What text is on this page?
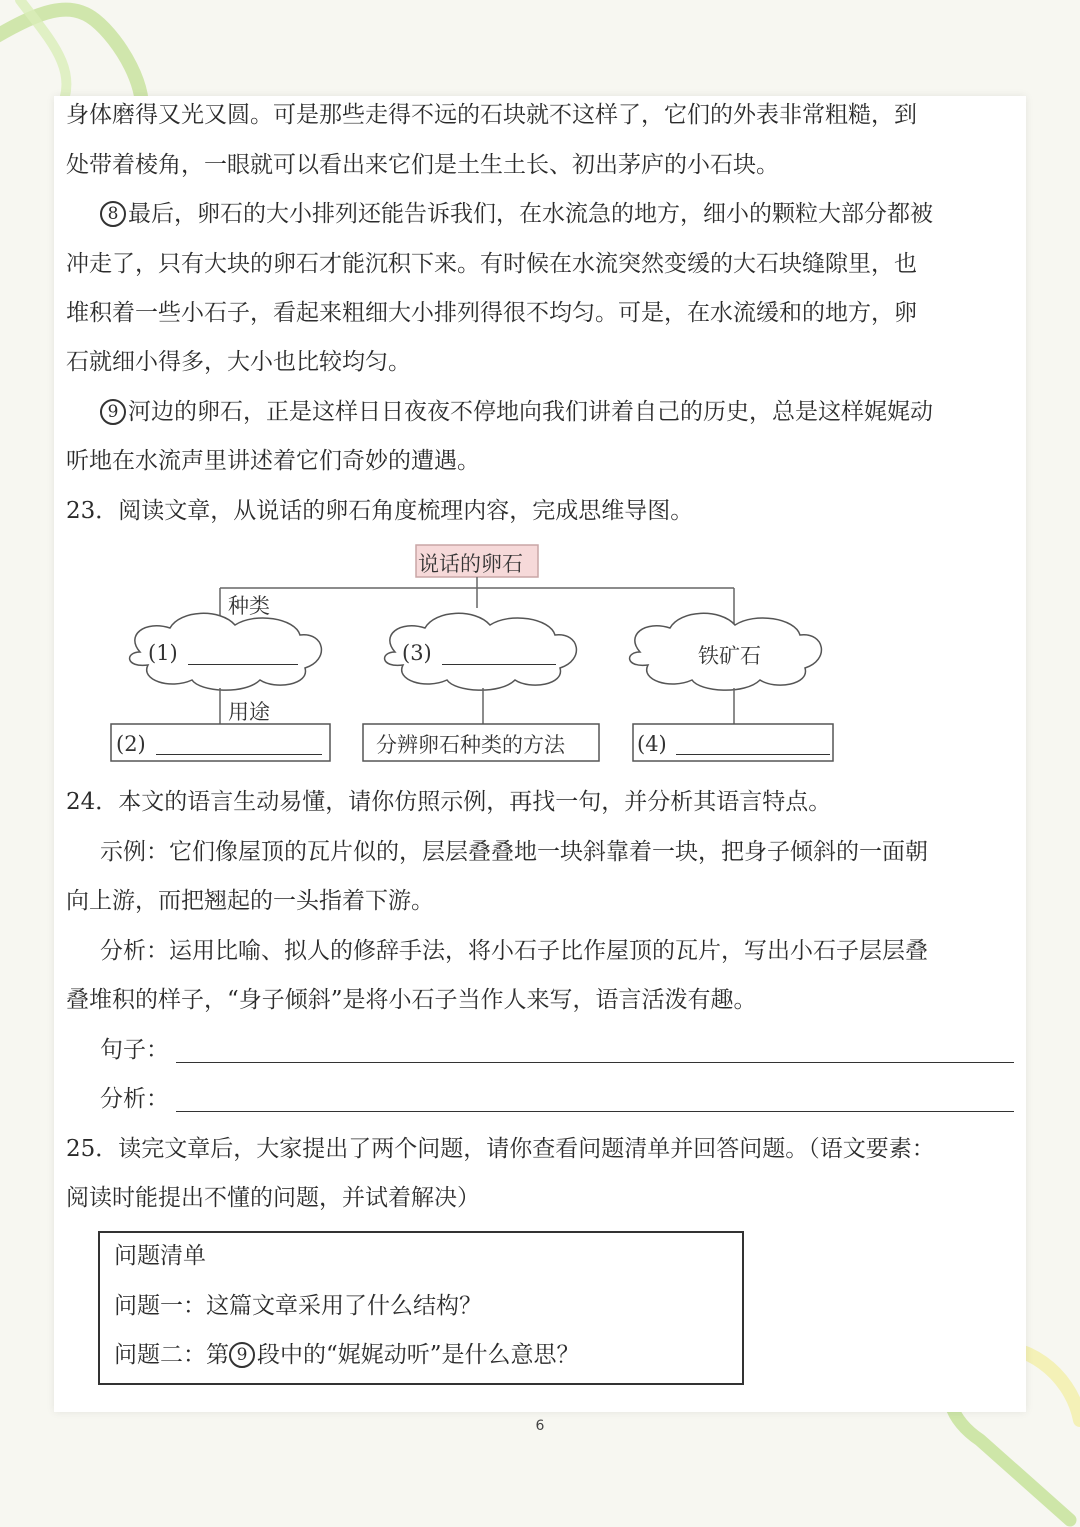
身体磨得又光又圆。可是那些走得不远的石块就不这样了，它们的外表非常粗糙，到
处带着棱角，一眼就可以看出来它们是土生土长、初出茅庐的小石块。
8 最后，卵石的大小排列还能告诉我们，在水流急的地方，细小的颗粒大部分都被
冲走了，只有大块的卵石才能沉积下来。有时候在水流突然变缓的大石块缝隙里，也
堆积着一些小石子，看起来粗细大小排列得很不均匀。可是，在水流缓和的地方，卵
石就细小得多，大小也比较均匀。
9 河边的卵石，正是这样日日夜夜不停地向我们讲着自己的历史，总是这样娓娓动
听地在水流声里讲述着它们奇妙的遭遇。
23．阅读文章，从说话的卵石角度梳理内容，完成思维导图。
说话的卵石
种类
(1)	(3)	铁矿石
用途
(2)	分辨卵石种类的方法	(4)
24．本文的语言生动易懂，请你仿照示例，再找一句，并分析其语言特点。
示例：它们像屋顶的瓦片似的，层层叠叠地一块斜靠着一块，把身子倾斜的一面朝
向上游，而把翘起的一头指着下游。
分析：运用比喻、拟人的修辞手法，将小石子比作屋顶的瓦片，写出小石子层层叠
叠堆积的样子，“身子倾斜”是将小石子当作人来写，语言活泼有趣。
句子：
分析：
25．读完文章后，大家提出了两个问题，请你查看问题清单并回答问题。（语文要素：
阅读时能提出不懂的问题，并试着解决）
问题清单
问题一：这篇文章采用了什么结构？
问题二：第 9 段中的“娓娓动听”是什么意思？
6
